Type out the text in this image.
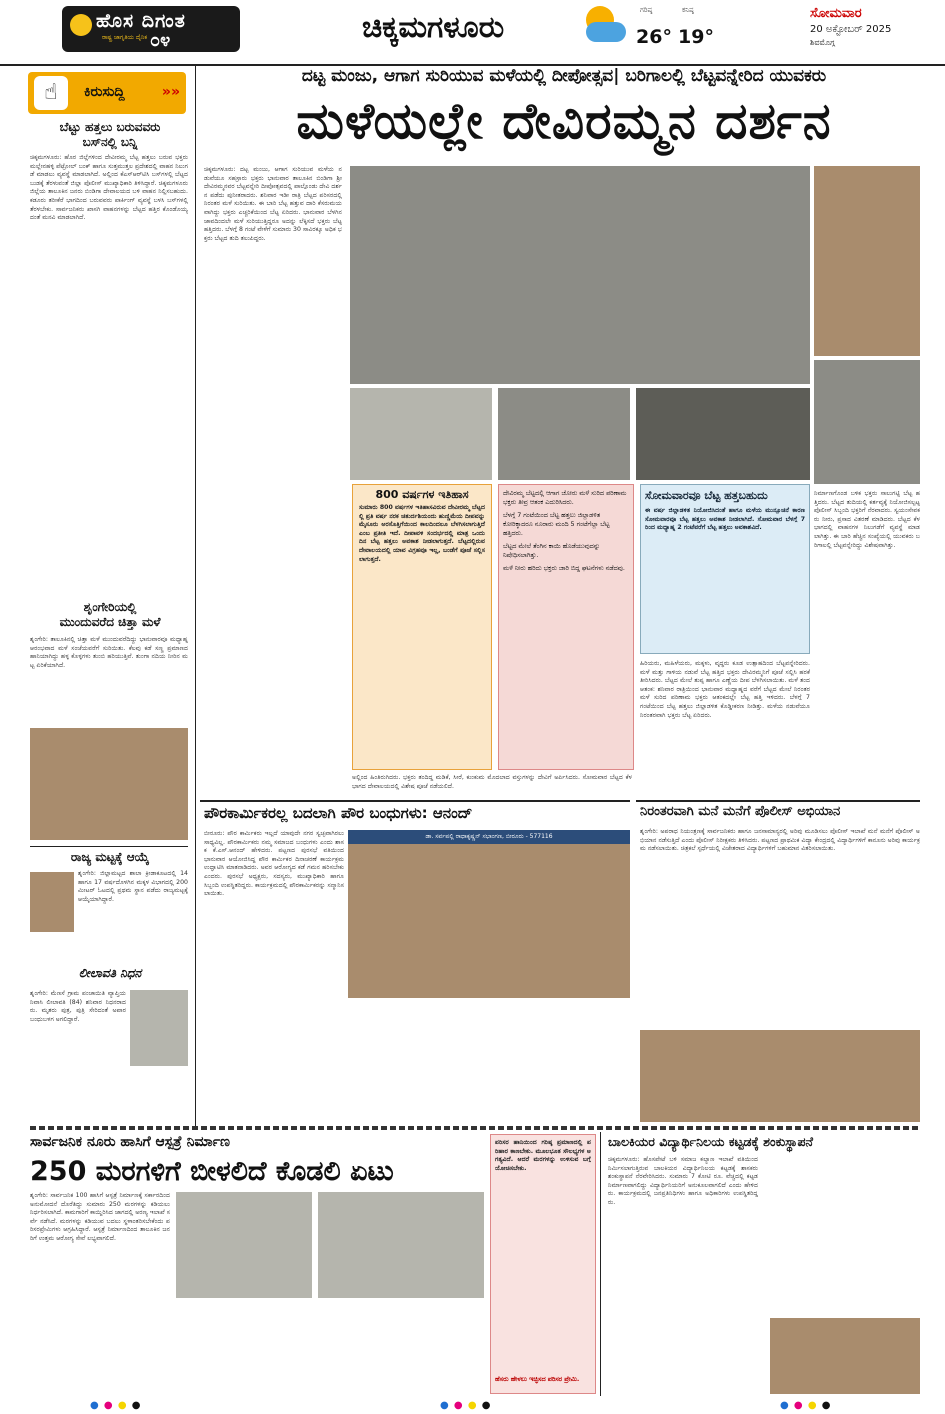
ಹೊಸ ದಿಗಂತ
ರಾಷ್ಟ್ರ ಜಾಗೃತಿಯ ದೈನಿಕ ೦೪	ಚಿಕ್ಕಮಗಳೂರು	ಗರಿಷ್ಠ
26°
ಕನಿಷ್ಠ
19°
ಸೋಮವಾರ
20 ಅಕ್ಟೋಬರ್ 2025
ಶಿವಮೊಗ್ಗ
☝	ಕಿರುಸುದ್ದಿ	»»
ಬೆಟ್ಟು ಹತ್ತಲು ಬರುವವರು
ಬಸ್‌ನಲ್ಲಿ ಬನ್ನಿ
ಚಿಕ್ಕಮಗಳೂರು: ಹೊರ ಜಿಲ್ಲೆಗಳಿಂದ ದೇವೀರಮ್ಮ ಬೆಟ್ಟ ಹತ್ತಲು ಬರುವ ಭಕ್ತರು ಮಲ್ಲೇನಹಳ್ಳಿ ಪೆಟ್ರೋಲ್ ಬಂಕ್ ಹಾಗೂ ಸುತ್ತಮುತ್ತಲ ಪ್ರದೇಶದಲ್ಲಿ ವಾಹನ ನಿಲುಗಡೆ ಮಾಡಲು ವ್ಯವಸ್ಥೆ ಮಾಡಲಾಗಿದೆ. ಅಲ್ಲಿಂದ ಕೆಎಸ್‌ಆರ್‌ಟಿಸಿ ಬಸ್‌ಗಳಲ್ಲಿ ಬೆಟ್ಟದ ಬುಡಕ್ಕೆ ತೆರಳುವಂತೆ ಜಿಲ್ಲಾ ಪೊಲೀಸ್ ಮುಖ್ಯಾಧಿಕಾರಿ ತಿಳಿಸಿದ್ದಾರೆ. ಚಿಕ್ಕಮಗಳೂರು ಜಿಲ್ಲೆಯ ತಾಲೂಕಿನ ಜನರು ಬಿಂಡಿಗಾ ದೇವಾಲಯದ ಬಳಿ ವಾಹನ ನಿಲ್ಲಿಸಬಹುದು. ಕಡೂರು ತರೀಕೆರೆ ಭಾಗದಿಂದ ಬರುವವರು ಪಾರ್ಕಿಂಗ್ ವ್ಯವಸ್ಥೆ ಬಳಸಿ ಬಸ್‌ಗಳಲ್ಲಿ ತೆರಳಬೇಕು. ಸಾರ್ವಜನಿಕರು ಖಾಸಗಿ ವಾಹನಗಳನ್ನು ಬೆಟ್ಟದ ಹತ್ತಿರ ಕೊಂಡೊಯ್ಯದಂತೆ ಮನವಿ ಮಾಡಲಾಗಿದೆ.
ಶೃಂಗೇರಿಯಲ್ಲಿ
ಮುಂದುವರೆದ ಚಿತ್ತಾ ಮಳೆ
ಶೃಂಗೇರಿ: ತಾಲೂಕಿನಲ್ಲಿ ಚಿತ್ತಾ ಮಳೆ ಮುಂದುವರೆದಿದ್ದು ಭಾನುವಾರವೂ ಮಧ್ಯಾಹ್ನ ಆರಂಭವಾದ ಮಳೆ ಸಂಜೆಯವರೆಗೆ ಸುರಿಯಿತು. ಕೆಲವು ಕಡೆ ಸಣ್ಣ ಪ್ರಮಾಣದ ಹಾನಿಯಾಗಿದ್ದು ಹಳ್ಳ ಕೊಳ್ಳಗಳು ತುಂಬಿ ಹರಿಯುತ್ತಿವೆ. ತುಂಗಾ ನದಿಯ ನೀರಿನ ಮಟ್ಟ ಏರಿಕೆಯಾಗಿದೆ.
ರಾಜ್ಯ ಮಟ್ಟಕ್ಕೆ ಆಯ್ಕೆ
ಶೃಂಗೇರಿ: ಜಿಲ್ಲಾಮಟ್ಟದ ಶಾಲಾ ಕ್ರೀಡಾಕೂಟದಲ್ಲಿ 14 ಹಾಗೂ 17 ವರ್ಷದೊಳಗಿನ ಮಕ್ಕಳ ವಿಭಾಗದಲ್ಲಿ 200 ಮೀಟರ್ ಓಟದಲ್ಲಿ ಪ್ರಥಮ ಸ್ಥಾನ ಪಡೆದು ರಾಜ್ಯಮಟ್ಟಕ್ಕೆ ಆಯ್ಕೆಯಾಗಿದ್ದಾರೆ.
ಲೀಲಾವತಿ ನಿಧನ
ಶೃಂಗೇರಿ: ಮೆಣಸೆ ಗ್ರಾಮ ಪಂಚಾಯಿತಿ ವ್ಯಾಪ್ತಿಯ ನಿವಾಸಿ ಲೀಲಾವತಿ (84) ಶನಿವಾರ ನಿಧನರಾದರು. ಮೃತರು ಪುತ್ರ, ಪುತ್ರಿ ಸೇರಿದಂತೆ ಅಪಾರ ಬಂಧುಬಳಗ ಅಗಲಿದ್ದಾರೆ.
ದಟ್ಟ ಮಂಜು, ಆಗಾಗ ಸುರಿಯುವ ಮಳೆಯಲ್ಲಿ ದೀಪೋತ್ಸವ| ಬರಿಗಾಲಲ್ಲಿ ಬೆಟ್ಟವನ್ನೇರಿದ ಯುವಕರು
ಮಳೆಯಲ್ಲೇ ದೇವಿರಮ್ಮನ ದರ್ಶನ
ಚಿಕ್ಕಮಗಳೂರು: ದಟ್ಟ ಮಂಜು, ಆಗಾಗ ಸುರಿಯುವ ಮಳೆಯ ನಡುವೆಯೂ ಸಹಸ್ರಾರು ಭಕ್ತರು ಭಾನುವಾರ ತಾಲೂಕಿನ ಬಿಂಡಿಗಾ ಶ್ರೀ ದೇವಿರಮ್ಮನವರ ಬೆಟ್ಟವನ್ನೇರಿ ದೀಪೋತ್ಸವದಲ್ಲಿ ಪಾಲ್ಗೊಂಡು ದೇವಿ ದರ್ಶನ ಪಡೆದು ಪುನೀತರಾದರು. ಶನಿವಾರ ಇಡೀ ರಾತ್ರಿ ಬೆಟ್ಟದ ಪರಿಸರದಲ್ಲಿ ನಿರಂತರ ಮಳೆ ಸುರಿಯಿತು. ಈ ಬಾರಿ ಬೆಟ್ಟ ಹತ್ತುವ ದಾರಿ ಕೆಸರುಮಯವಾಗಿದ್ದು ಭಕ್ತರು ಎಚ್ಚರಿಕೆಯಿಂದ ಬೆಟ್ಟ ಏರಿದರು. ಭಾನುವಾರ ಬೆಳಗಿನ ಜಾವದಿಂದಲೇ ಮಳೆ ಸುರಿಯುತ್ತಿದ್ದರೂ ಅದನ್ನು ಲೆಕ್ಕಿಸದೆ ಭಕ್ತರು ಬೆಟ್ಟ ಹತ್ತಿದರು. ಬೆಳಗ್ಗೆ 8 ಗಂಟೆ ವೇಳೆಗೆ ಸುಮಾರು 30 ಸಾವಿರಕ್ಕೂ ಅಧಿಕ ಭಕ್ತರು ಬೆಟ್ಟದ ತುದಿ ತಲುಪಿದ್ದರು.
800 ವರ್ಷಗಳ ಇತಿಹಾಸ
ಸುಮಾರು 800 ವರ್ಷಗಳ ಇತಿಹಾಸವಿರುವ ದೇವೀರಮ್ಮ ಬೆಟ್ಟದಲ್ಲಿ ಪ್ರತಿ ವರ್ಷ ನರಕ ಚತುರ್ದಶಿಯಂದು ಹುಣ್ಣಿಮೆಯ ದೀಪವನ್ನು ಮೈಸೂರು ಅರಸೊತ್ತಿಗೆಯಿಂದ ಕಾಲದಿಂದಲೂ ಬೆಳಗಿಸಲಾಗುತ್ತಿದೆ ಎಂಬ ಪ್ರತೀತಿ ಇದೆ. ದೀಪಾವಳಿ ಸಂದರ್ಭದಲ್ಲಿ ಮಾತ್ರ ಒಂದು ದಿನ ಬೆಟ್ಟ ಹತ್ತಲು ಅವಕಾಶ ನೀಡಲಾಗುತ್ತದೆ. ಬೆಟ್ಟದಲ್ಲಿರುವ ದೇವಾಲಯದಲ್ಲಿ ಯಾವ ವಿಗ್ರಹವೂ ಇಲ್ಲ, ಬಂಡೆಗೆ ಪೂಜೆ ಸಲ್ಲಿಸಲಾಗುತ್ತದೆ.
ದೇವಿರಮ್ಮ ಬೆಟ್ಟದಲ್ಲಿ ಆಗಾಗ ಜೋರು ಮಳೆ ಸುರಿದ ಪರಿಣಾಮ ಭಕ್ತರು ತೀವ್ರ ಆತಂಕ ಎದುರಿಸಿದರು.
ಬೆಳಗ್ಗೆ 7 ಗಂಟೆಯಿಂದ ಬೆಟ್ಟ ಹತ್ತಲು ಜಿಲ್ಲಾಡಳಿತ ಕೋರಿಕ್ಕಾದರೂ ನೂರಾರು ಮಂದಿ 5 ಗಂಟೆಗೆಲ್ಲಾ ಬೆಟ್ಟ ಹತ್ತಿದರು.
ಬೆಟ್ಟದ ಮೇಲೆ ತೆಂಗಿನ ಕಾಯಿ ಹೊಡೆಯುವುದನ್ನು ನಿಷೇಧಿಸಲಾಗಿತ್ತು.
ಮಳೆ ನೀರು ಹರಿದು ಭಕ್ತರು ಜಾರಿ ಬಿದ್ದ ಘಟನೆಗಳು ನಡೆದವು.
ಸೋಮವಾರವೂ ಬೆಟ್ಟ ಹತ್ತಬಹುದು
ಈ ವರ್ಷ ಜಿಲ್ಲಾಡಳಿತ ನಿಯೋಜಿಸಿದಂತೆ ಹಾಗೂ ಮಳೆಯ ಮುನ್ಸೂಚನೆ ಕಾರಣ ಸೋಮವಾರವೂ ಬೆಟ್ಟ ಹತ್ತಲು ಅವಕಾಶ ನೀಡಲಾಗಿದೆ. ಸೋಮವಾರ ಬೆಳಗ್ಗೆ 7 ರಿಂದ ಮಧ್ಯಾಹ್ನ 2 ಗಂಟೆವರೆಗೆ ಬೆಟ್ಟ ಹತ್ತಲು ಅವಕಾಶವಿದೆ.
ಹಿರಿಯರು, ಮಹಿಳೆಯರು, ಮಕ್ಕಳು, ವೃದ್ಧರು ಕೂಡ ಉತ್ಸಾಹದಿಂದ ಬೆಟ್ಟವನ್ನೇರಿದರು. ಮಳೆ ಮತ್ತು ಗಾಳಿಯ ನಡುವೆ ಬೆಟ್ಟ ಹತ್ತಿದ ಭಕ್ತರು ದೇವಿರಮ್ಮನಿಗೆ ಪೂಜೆ ಸಲ್ಲಿಸಿ ಹರಕೆ ತೀರಿಸಿದರು. ಬೆಟ್ಟದ ಮೇಲೆ ತುಪ್ಪ ಹಾಗೂ ಎಣ್ಣೆಯ ದೀಪ ಬೆಳಗಿಸಲಾಯಿತು. ಮಳೆ ತಂದ ಆತಂಕ: ಶನಿವಾರ ರಾತ್ರಿಯಿಂದ ಭಾನುವಾರ ಮಧ್ಯಾಹ್ನದ ವರೆಗೆ ಬೆಟ್ಟದ ಮೇಲೆ ನಿರಂತರ ಮಳೆ ಸುರಿದ ಪರಿಣಾಮ ಭಕ್ತರು ಆತಂಕದಲ್ಲೇ ಬೆಟ್ಟ ಹತ್ತಿ ಇಳಿದರು. ಬೆಳಗ್ಗೆ 7 ಗಂಟೆಯಿಂದ ಬೆಟ್ಟ ಹತ್ತಲು ಜಿಲ್ಲಾಡಳಿತ ಕೊಡ್ಡೀಕರಣ ನೀಡಿತ್ತು. ಮಳೆಯ ನಡುವೆಯೂ ನಿರಂತರವಾಗಿ ಭಕ್ತರು ಬೆಟ್ಟ ಏರಿದರು.
ನಿರ್ಮಾಣಗೊಂಡ ಬಳಿಕ ಭಕ್ತರು ಸಾಲುಗಟ್ಟಿ ಬೆಟ್ಟ ಹತ್ತಿದರು. ಬೆಟ್ಟದ ತುದಿಯಲ್ಲಿ ಕರ್ತವ್ಯಕ್ಕೆ ನಿಯೋಜಿಸಲ್ಪಟ್ಟ ಪೊಲೀಸ್ ಸಿಬ್ಬಂದಿ ಭಕ್ತರಿಗೆ ನೆರವಾದರು. ಸ್ವಯಂಸೇವಕರು ನೀರು, ಪ್ರಸಾದ ವಿತರಣೆ ಮಾಡಿದರು. ಬೆಟ್ಟದ ಕೆಳಭಾಗದಲ್ಲಿ ವಾಹನಗಳ ನಿಲುಗಡೆಗೆ ವ್ಯವಸ್ಥೆ ಮಾಡಲಾಗಿತ್ತು. ಈ ಬಾರಿ ಹೆಚ್ಚಿನ ಸಂಖ್ಯೆಯಲ್ಲಿ ಯುವಕರು ಬರಿಗಾಲಲ್ಲಿ ಬೆಟ್ಟವನ್ನೇರಿದ್ದು ವಿಶೇಷವಾಗಿತ್ತು.
ಅಲ್ಲಿಂದ ಹಿಂತಿರುಗಿದರು. ಭಕ್ತರು ತಂದಿದ್ದ ಮಡಿಕೆ, ಸೀರೆ, ಕುಂಕುಮ ಮೊದಲಾದ ವಸ್ತುಗಳನ್ನು ದೇವಿಗೆ ಅರ್ಪಿಸಿದರು. ಸೋಮವಾರ ಬೆಟ್ಟದ ಕೆಳಭಾಗದ ದೇವಾಲಯದಲ್ಲಿ ವಿಶೇಷ ಪೂಜೆ ನಡೆಯಲಿದೆ.
ಪೌರಕಾರ್ಮಿಕರಲ್ಲ ಬದಲಾಗಿ ಪೌರ ಬಂಧುಗಳು: ಆನಂದ್
ಬೀರೂರು: ಪೌರ ಕಾರ್ಮಿಕರು ಇಲ್ಲದೆ ಯಾವುದೇ ನಗರ ಸ್ವಚ್ಛವಾಗಿರಲು ಸಾಧ್ಯವಿಲ್ಲ. ಪೌರಕಾರ್ಮಿಕರು ನಮ್ಮ ಸಮಾಜದ ಬಂಧುಗಳು ಎಂದು ಶಾಸಕ ಕೆ.ಎಸ್.ಆನಂದ್ ಹೇಳಿದರು. ಪಟ್ಟಣದ ಪುರಸಭೆ ವತಿಯಿಂದ ಭಾನುವಾರ ಆಯೋಜಿಸಿದ್ದ ಪೌರ ಕಾರ್ಮಿಕರ ದಿನಾಚರಣೆ ಕಾರ್ಯಕ್ರಮ ಉದ್ಘಾಟಿಸಿ ಮಾತನಾಡಿದರು. ಅವರ ಆರೋಗ್ಯದ ಕಡೆ ಗಮನ ಹರಿಸಬೇಕು ಎಂದರು. ಪುರಸಭೆ ಅಧ್ಯಕ್ಷರು, ಸದಸ್ಯರು, ಮುಖ್ಯಾಧಿಕಾರಿ ಹಾಗೂ ಸಿಬ್ಬಂದಿ ಉಪಸ್ಥಿತರಿದ್ದರು. ಕಾರ್ಯಕ್ರಮದಲ್ಲಿ ಪೌರಕಾರ್ಮಿಕರನ್ನು ಸನ್ಮಾನಿಸಲಾಯಿತು.
ಡಾ. ಸರ್ವಪಲ್ಲಿ ರಾಧಾಕೃಷ್ಣನ್ ಸಭಾಂಗಣ, ಬೀರೂರು - 577116
ನಿರಂತರವಾಗಿ ಮನೆ ಮನೆಗೆ ಪೊಲೀಸ್ ಅಭಿಯಾನ
ಶೃಂಗೇರಿ: ಅಪರಾಧ ನಿಯಂತ್ರಣಕ್ಕೆ ಸಾರ್ವಜನಿಕರು ಹಾಗೂ ಜನಸಾಮಾನ್ಯರಲ್ಲಿ ಅರಿವು ಮೂಡಿಸಲು ಪೊಲೀಸ್ ಇಲಾಖೆ ಮನೆ ಮನೆಗೆ ಪೊಲೀಸ್ ಅಭಿಯಾನ ನಡೆಸುತ್ತಿದೆ ಎಂದು ಪೊಲೀಸ್ ನಿರೀಕ್ಷಕರು ತಿಳಿಸಿದರು. ಪಟ್ಟಣದ ಪ್ರಾಥಮಿಕ ವಿದ್ಯಾ ಕೇಂದ್ರದಲ್ಲಿ ವಿದ್ಯಾರ್ಥಿಗಳಿಗೆ ಕಾನೂನು ಅರಿವು ಕಾರ್ಯಕ್ರಮ ನಡೆಸಲಾಯಿತು. ಚಿತ್ರಕಲೆ ಸ್ಪರ್ಧೆಯಲ್ಲಿ ವಿಜೇತರಾದ ವಿದ್ಯಾರ್ಥಿಗಳಿಗೆ ಬಹುಮಾನ ವಿತರಿಸಲಾಯಿತು.
ಸಾರ್ವಜನಿಕ ನೂರು ಹಾಸಿಗೆ ಆಸ್ಪತ್ರೆ ನಿರ್ಮಾಣ
250 ಮರಗಳಿಗೆ ಬೀಳಲಿದೆ ಕೊಡಲಿ ಏಟು
ಶೃಂಗೇರಿ: ಸಾರ್ವಜನಿಕ 100 ಹಾಸಿಗೆ ಆಸ್ಪತ್ರೆ ನಿರ್ಮಾಣಕ್ಕೆ ಸರ್ಕಾರದಿಂದ ಅನುಮೋದನೆ ದೊರೆತಿದ್ದು ಸುಮಾರು 250 ಮರಗಳನ್ನು ಕಡಿಯಲು ನಿರ್ಧರಿಸಲಾಗಿದೆ. ಕಾಮಗಾರಿಗೆ ಕಾಯ್ದಿರಿಸಿದ ಜಾಗದಲ್ಲಿ ಅರಣ್ಯ ಇಲಾಖೆ ಸರ್ವೆ ನಡೆಸಿದೆ. ಮರಗಳನ್ನು ಕಡಿಯುವ ಬದಲು ಸ್ಥಳಾಂತರಿಸಬೇಕೆಂದು ಪರಿಸರಪ್ರೇಮಿಗಳು ಆಗ್ರಹಿಸಿದ್ದಾರೆ. ಆಸ್ಪತ್ರೆ ನಿರ್ಮಾಣದಿಂದ ತಾಲೂಕಿನ ಜನರಿಗೆ ಉತ್ತಮ ಆರೋಗ್ಯ ಸೇವೆ ಲಭ್ಯವಾಗಲಿದೆ.
ಪರಿಸರ ಹಾನಿಯಿಂದ ಗರಿಷ್ಠ ಪ್ರಮಾಣದಲ್ಲಿ ಪರಿಹಾರ ಕಾಣಬೇಕು. ಮೂಲಭೂತ ಸೌಲಭ್ಯಗಳ ಅಗತ್ಯವಿದೆ. ಆದರೆ ಮರಗಳನ್ನು ಉಳಿಸುವ ಬಗ್ಗೆ ಯೋಚಿಸಬೇಕು.
ಹೆಸರು ಹೇಳಲು ಇಚ್ಛಿಸದ ಪರಿಸರ ಪ್ರೇಮಿ.
ಬಾಲಕಿಯರ ವಿದ್ಯಾರ್ಥಿನಿಲಯ ಕಟ್ಟಡಕ್ಕೆ ಶಂಕುಸ್ಥಾಪನೆ
ಚಿಕ್ಕಮಗಳೂರು: ಹೊಸಪೇಟೆ ಬಳಿ ಸಮಾಜ ಕಲ್ಯಾಣ ಇಲಾಖೆ ವತಿಯಿಂದ ನಿರ್ಮಿಸಲಾಗುತ್ತಿರುವ ಬಾಲಕಿಯರ ವಿದ್ಯಾರ್ಥಿನಿಲಯ ಕಟ್ಟಡಕ್ಕೆ ಶಾಸಕರು ಶಂಕುಸ್ಥಾಪನೆ ನೆರವೇರಿಸಿದರು. ಸುಮಾರು 7 ಕೋಟಿ ರೂ. ವೆಚ್ಚದಲ್ಲಿ ಕಟ್ಟಡ ನಿರ್ಮಾಣವಾಗಲಿದ್ದು ವಿದ್ಯಾರ್ಥಿನಿಯರಿಗೆ ಅನುಕೂಲವಾಗಲಿದೆ ಎಂದು ಹೇಳಿದರು. ಕಾರ್ಯಕ್ರಮದಲ್ಲಿ ಜನಪ್ರತಿನಿಧಿಗಳು ಹಾಗೂ ಅಧಿಕಾರಿಗಳು ಉಪಸ್ಥಿತರಿದ್ದರು.
● ● ● ●	● ● ● ●	● ● ● ●
